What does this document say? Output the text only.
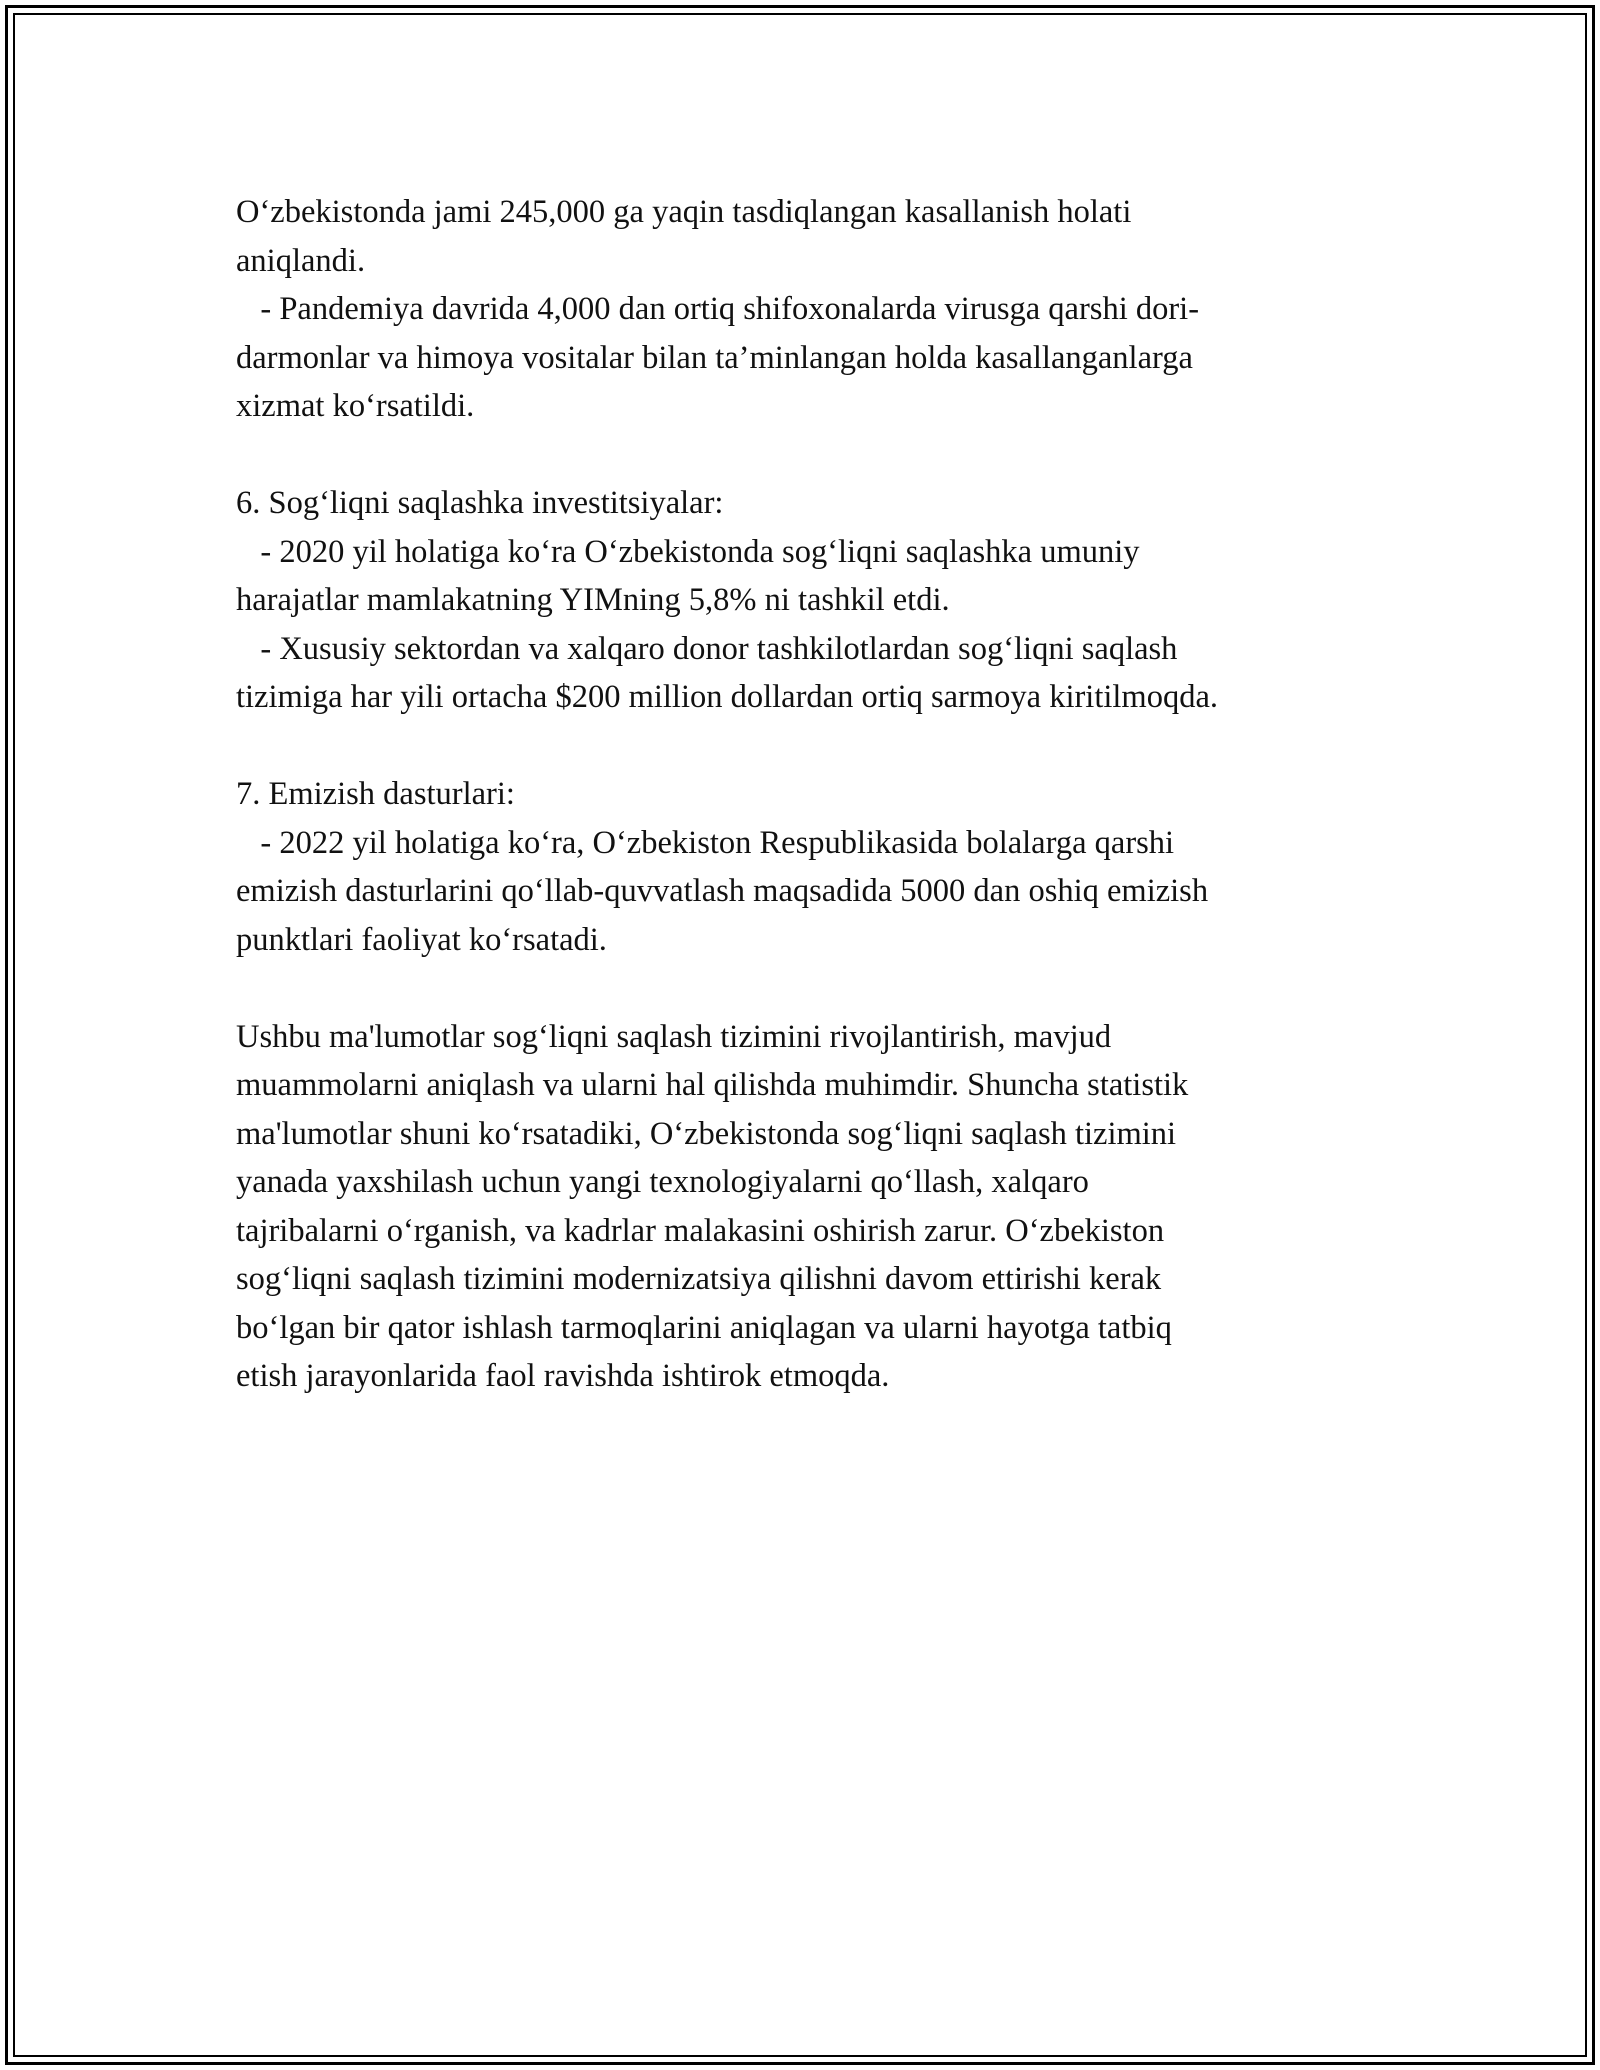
O‘zbekistonda jami 245,000 ga yaqin tasdiqlangan kasallanish holati
aniqlandi.
- Pandemiya davrida 4,000 dan ortiq shifoxonalarda virusga qarshi dori-
darmonlar va himoya vositalar bilan ta’minlangan holda kasallanganlarga
xizmat ko‘rsatildi.
6. Sog‘liqni saqlashka investitsiyalar:
- 2020 yil holatiga ko‘ra O‘zbekistonda sog‘liqni saqlashka umuniy
harajatlar mamlakatning YIMning 5,8% ni tashkil etdi.
- Xususiy sektordan va xalqaro donor tashkilotlardan sog‘liqni saqlash
tizimiga har yili ortacha $200 million dollardan ortiq sarmoya kiritilmoqda.
7. Emizish dasturlari:
- 2022 yil holatiga ko‘ra, O‘zbekiston Respublikasida bolalarga qarshi
emizish dasturlarini qo‘llab-quvvatlash maqsadida 5000 dan oshiq emizish
punktlari faoliyat ko‘rsatadi.
Ushbu ma'lumotlar sog‘liqni saqlash tizimini rivojlantirish, mavjud
muammolarni aniqlash va ularni hal qilishda muhimdir. Shuncha statistik
ma'lumotlar shuni ko‘rsatadiki, O‘zbekistonda sog‘liqni saqlash tizimini
yanada yaxshilash uchun yangi texnologiyalarni qo‘llash, xalqaro
tajribalarni o‘rganish, va kadrlar malakasini oshirish zarur. O‘zbekiston
sog‘liqni saqlash tizimini modernizatsiya qilishni davom ettirishi kerak
bo‘lgan bir qator ishlash tarmoqlarini aniqlagan va ularni hayotga tatbiq
etish jarayonlarida faol ravishda ishtirok etmoqda.
